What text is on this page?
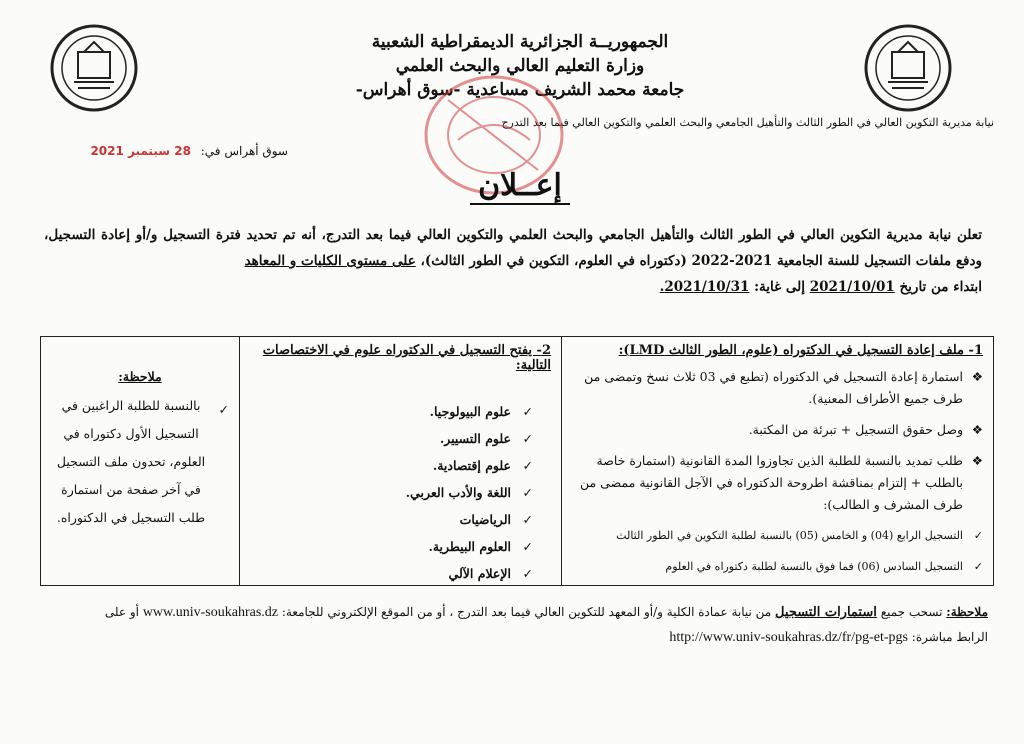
الجمهوريــة الجزائرية الديمقراطية الشعبية
وزارة التعليم العالي والبحث العلمي
جامعة محمد الشريف مساعدية -سوق أهراس-
نيابة مديرية التكوين العالي في الطور الثالث والتأهيل الجامعي والبحث العلمي والتكوين العالي فيما بعد التدرج
سوق أهراس في: 28 سبتمبر 2021
إعــلان
تعلن نيابة مديرية التكوين العالي في الطور الثالث والتأهيل الجامعي والبحث العلمي والتكوين العالي فيما بعد التدرج، أنه تم تحديد فترة التسجيل و/أو إعادة التسجيل، ودفع ملفات التسجيل للسنة الجامعية 2021-2022 (دكتوراه في العلوم، التكوين في الطور الثالث)، على مستوى الكليات و المعاهد
ابتداء من تاريخ 2021/10/01 إلى غاية: 2021/10/31.
1- ملف إعادة التسجيل في الدكتوراه (علوم، الطور الثالث LMD):
❖
استمارة إعادة التسجيل في الدكتوراه (تطبع في 03 ثلاث نسخ وتمضى من طرف جميع الأطراف المعنية).
❖
وصل حقوق التسجيل + تبرئة من المكتبة.
❖
طلب تمديد بالنسبة للطلبة الذين تجاوزوا المدة القانونية (استمارة خاصة بالطلب + إلتزام بمناقشة اطروحة الدكتوراه في الآجل القانونية ممضى من طرف المشرف و الطالب):
✓
التسجيل الرابع (04) و الخامس (05) بالنسبة لطلبة التكوين في الطور الثالث
✓
التسجيل السادس (06) فما فوق بالنسبة لطلبة دكتوراه في العلوم
2- يفتح التسجيل في الدكتوراه علوم في الاختصاصات التالية:
✓
علوم البيولوجيا.
✓
علوم التسيير.
✓
علوم إقتصادية.
✓
اللغة والأدب العربي.
✓
الرياضيات
✓
العلوم البيطرية.
✓
الإعلام الآلي
ملاحظة:
✓
بالنسبة للطلبة الراغبين في التسجيل الأول دكتوراه في العلوم، تحدون ملف التسجيل في آخر صفحة من استمارة طلب التسجيل في الدكتوراه.
ملاحظة: تسحب جميع استمارات التسجيل من نيابة عمادة الكلية و/أو المعهد للتكوين العالي فيما بعد التدرج ، أو من الموقع الإلكتروني للجامعة: www.univ-soukahras.dz أو على
الرابط مباشرة: http://www.univ-soukahras.dz/fr/pg-et-pgs
